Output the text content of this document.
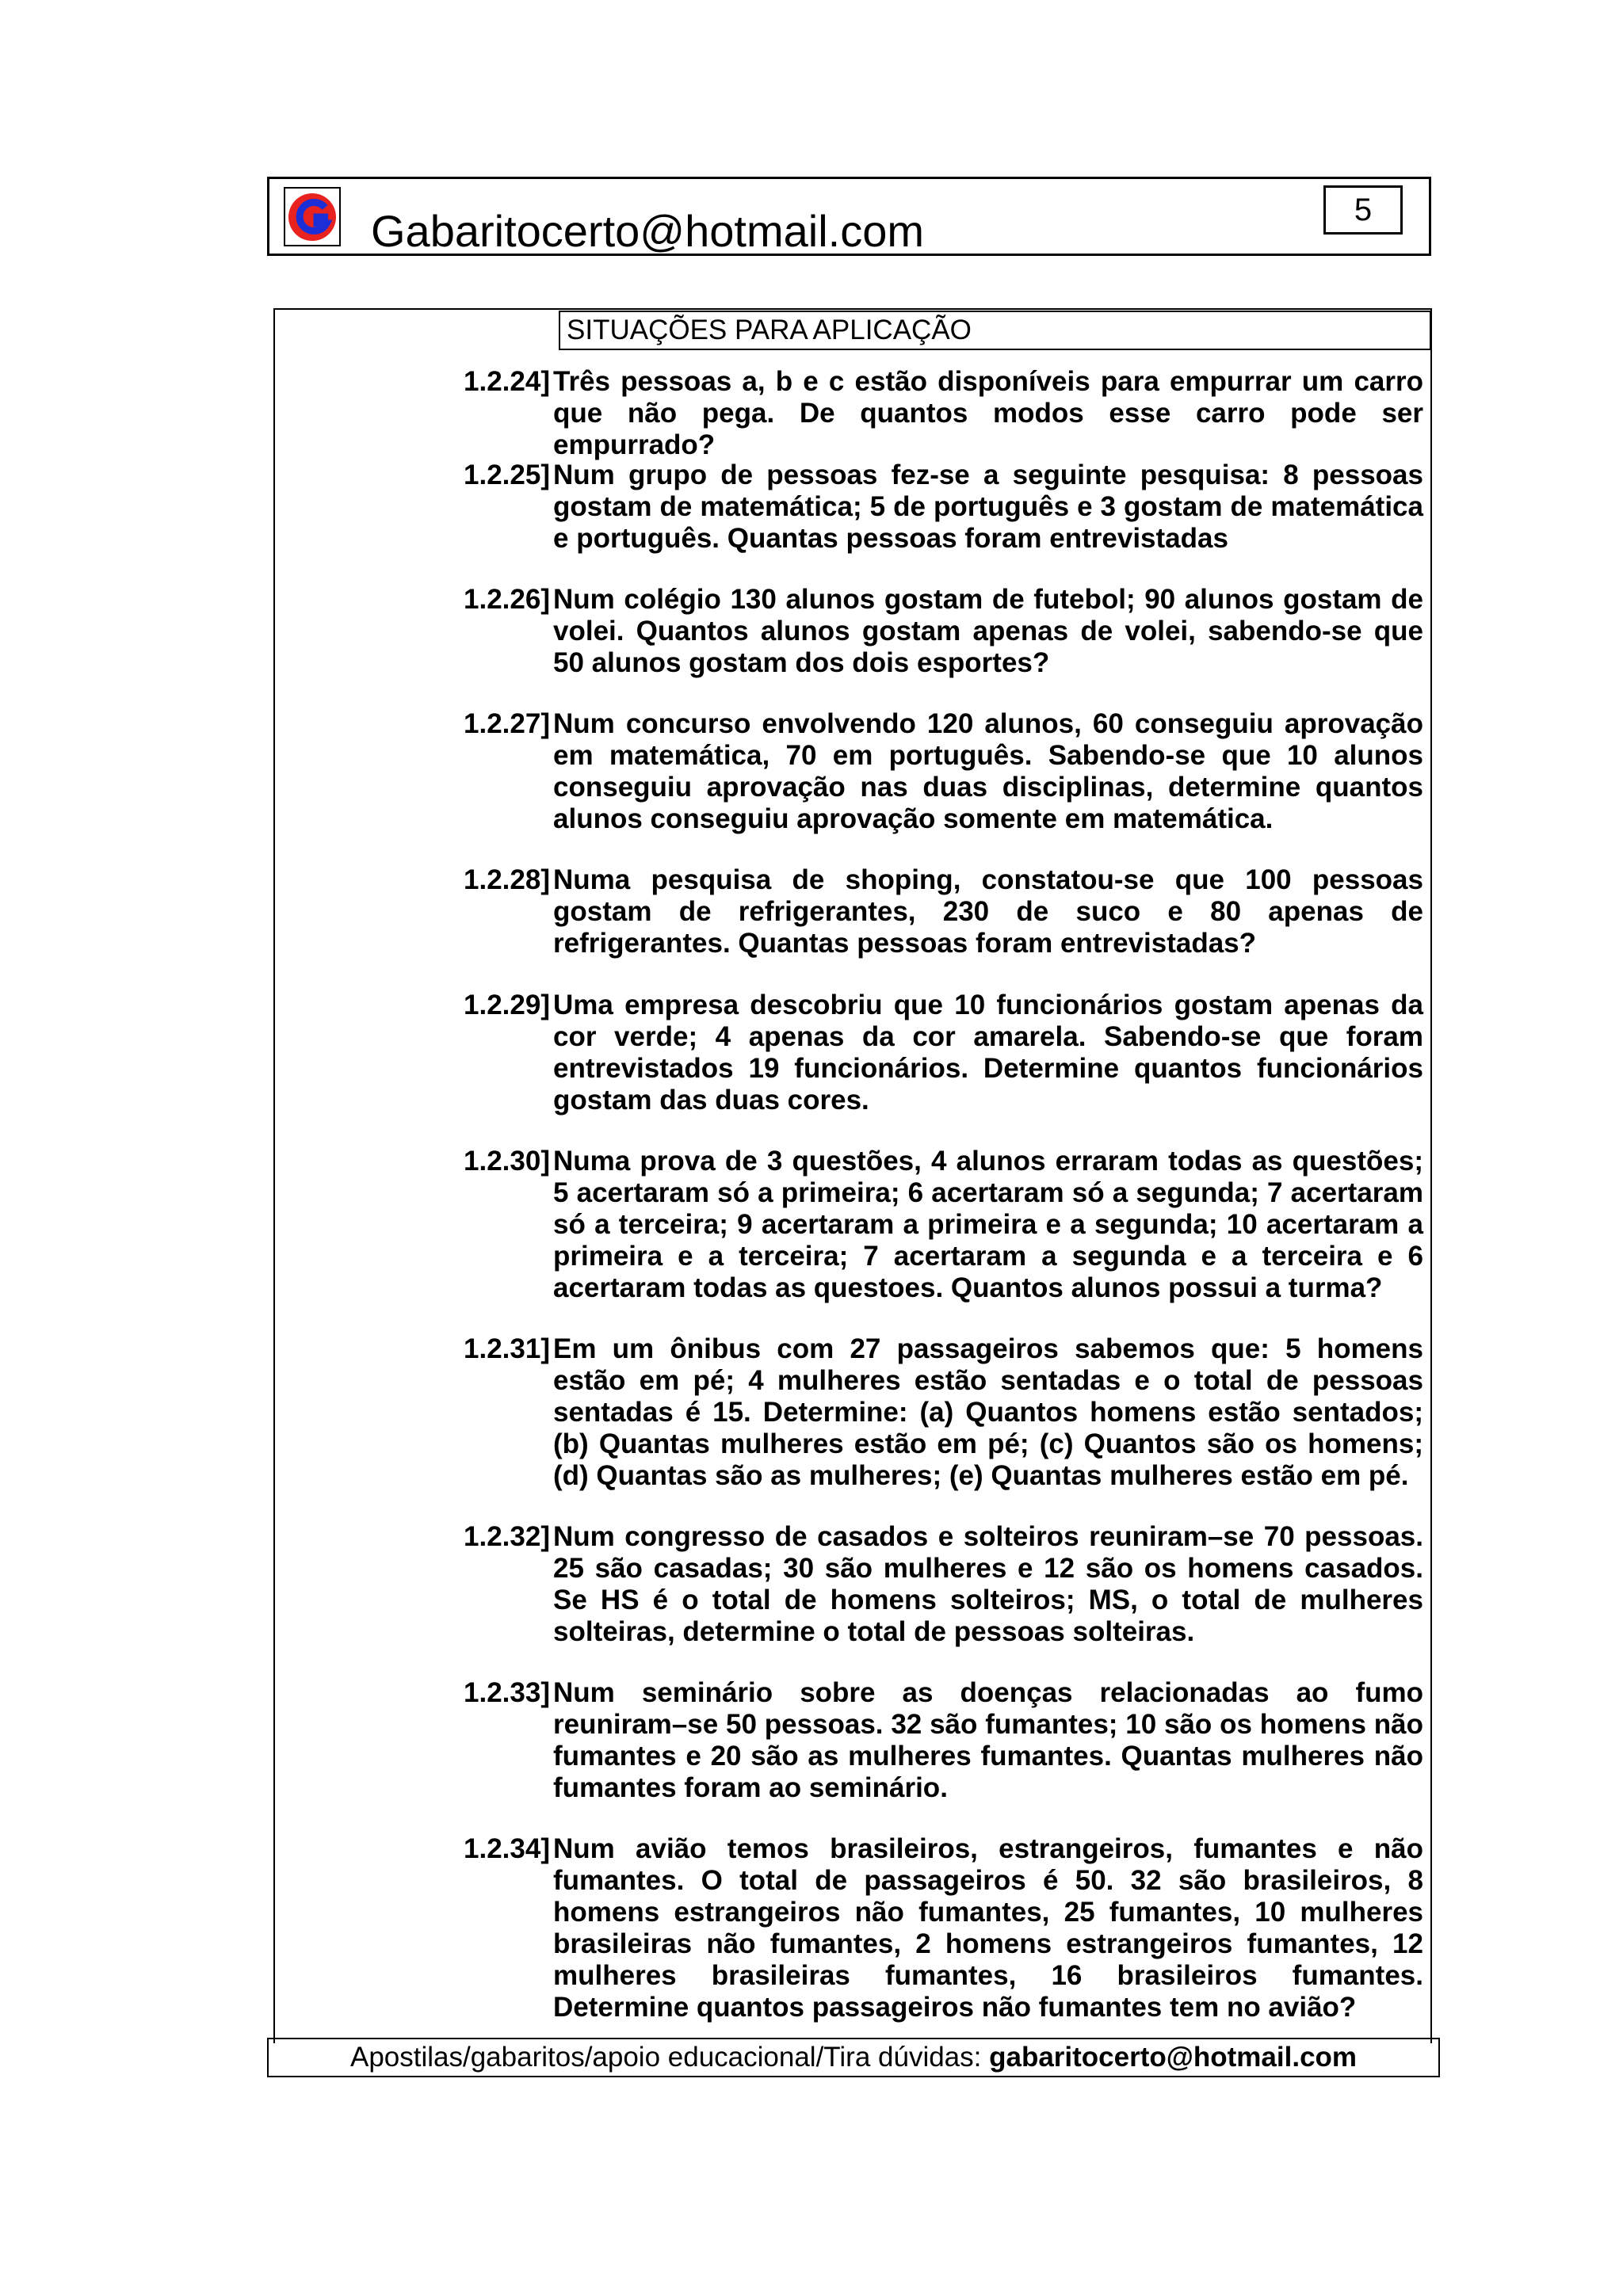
Gabaritocerto@hotmail.com	5
SITUAÇÕES PARA APLICAÇÃO
1.2.24] Três pessoas a, b e c estão disponíveis para empurrar um carro que não pega. De quantos modos esse carro pode ser empurrado?
1.2.25] Num grupo de pessoas fez-se a seguinte pesquisa: 8 pessoas gostam de matemática; 5 de português e 3 gostam de matemática e português. Quantas pessoas foram entrevistadas
1.2.26] Num colégio 130 alunos gostam de futebol; 90 alunos gostam de volei. Quantos alunos gostam apenas de volei, sabendo-se que 50 alunos gostam dos dois esportes?
1.2.27] Num concurso envolvendo 120 alunos, 60 conseguiu aprovação em matemática, 70 em português. Sabendo-se que 10 alunos conseguiu aprovação nas duas disciplinas, determine quantos alunos conseguiu aprovação somente em matemática.
1.2.28] Numa pesquisa de shoping, constatou-se que 100 pessoas gostam de refrigerantes, 230 de suco e 80 apenas de refrigerantes. Quantas pessoas foram entrevistadas?
1.2.29] Uma empresa descobriu que 10 funcionários gostam apenas da cor verde; 4 apenas da cor amarela. Sabendo-se que foram entrevistados 19 funcionários. Determine quantos funcionários gostam das duas cores.
1.2.30] Numa prova de 3 questões, 4 alunos erraram todas as questões; 5 acertaram só a primeira; 6 acertaram só a segunda; 7 acertaram só a terceira; 9 acertaram a primeira e a segunda; 10 acertaram a primeira e a terceira; 7 acertaram a segunda e a terceira e 6 acertaram todas as questoes. Quantos alunos possui a turma?
1.2.31] Em um ônibus com 27 passageiros sabemos que: 5 homens estão em pé; 4 mulheres estão sentadas e o total de pessoas sentadas é 15. Determine: (a) Quantos homens estão sentados; (b) Quantas mulheres estão em pé; (c) Quantos são os homens; (d) Quantas são as mulheres; (e) Quantas mulheres estão em pé.
1.2.32] Num congresso de casados e solteiros reuniram–se 70 pessoas. 25 são casadas; 30 são mulheres e 12 são os homens casados. Se HS é o total de homens solteiros; MS, o total de mulheres solteiras, determine o total de pessoas solteiras.
1.2.33] Num seminário sobre as doenças relacionadas ao fumo reuniram–se 50 pessoas. 32 são fumantes; 10 são os homens não fumantes e 20 são as mulheres fumantes. Quantas mulheres não fumantes foram ao seminário.
1.2.34] Num avião temos brasileiros, estrangeiros, fumantes e não fumantes. O total de passageiros é 50. 32 são brasileiros, 8 homens estrangeiros não fumantes, 25 fumantes, 10 mulheres brasileiras não fumantes, 2 homens estrangeiros fumantes, 12 mulheres brasileiras fumantes, 16 brasileiros fumantes. Determine quantos passageiros não fumantes tem no avião?
Apostilas/gabaritos/apoio educacional/Tira dúvidas: gabaritocerto@hotmail.com
